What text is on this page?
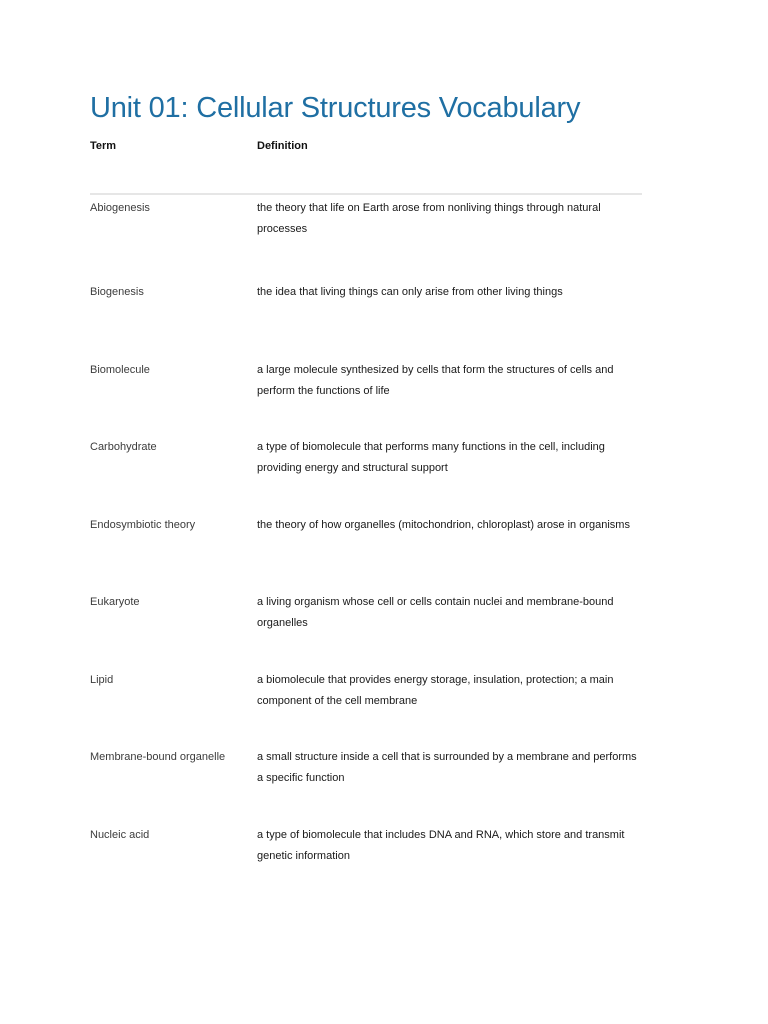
Unit 01: Cellular Structures Vocabulary
Term	Definition
Abiogenesis	the theory that life on Earth arose from nonliving things through natural processes
Biogenesis	the idea that living things can only arise from other living things
Biomolecule	a large molecule synthesized by cells that form the structures of cells and perform the functions of life
Carbohydrate	a type of biomolecule that performs many functions in the cell, including providing energy and structural support
Endosymbiotic theory	the theory of how organelles (mitochondrion, chloroplast) arose in organisms
Eukaryote	a living organism whose cell or cells contain nuclei and membrane-bound organelles
Lipid	a biomolecule that provides energy storage, insulation, protection; a main component of the cell membrane
Membrane-bound organelle	a small structure inside a cell that is surrounded by a membrane and performs a specific function
Nucleic acid	a type of biomolecule that includes DNA and RNA, which store and transmit genetic information
